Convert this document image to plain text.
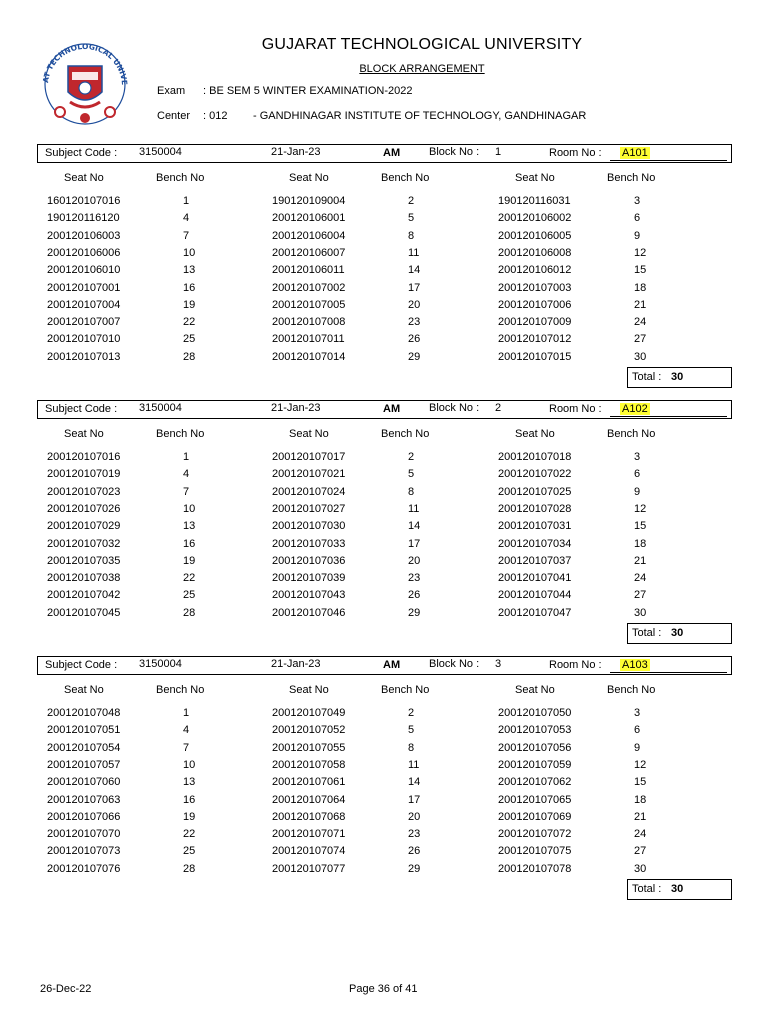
AT TECHNOLOGICAL UNIVE
GUJARAT TECHNOLOGICAL UNIVERSITY
BLOCK ARRANGEMENT
Exam : BE SEM 5 WINTER EXAMINATION-2022
Center : 012 - GANDHINAGAR INSTITUTE OF TECHNOLOGY, GANDHINAGAR
Subject Code : 3150004	21-Jan-23	AM	Block No : 1	Room No : A101
Seat No	Bench No	Seat No	Bench No	Seat No	Bench No
160120107016	1	190120109004	2	190120116031	3
190120116120	4	200120106001	5	200120106002	6
200120106003	7	200120106004	8	200120106005	9
200120106006	10	200120106007	11	200120106008	12
200120106010	13	200120106011	14	200120106012	15
200120107001	16	200120107002	17	200120107003	18
200120107004	19	200120107005	20	200120107006	21
200120107007	22	200120107008	23	200120107009	24
200120107010	25	200120107011	26	200120107012	27
200120107013	28	200120107014	29	200120107015	30
Total : 30
Subject Code : 3150004	21-Jan-23	AM	Block No : 2	Room No : A102
Seat No	Bench No	Seat No	Bench No	Seat No	Bench No
200120107016	1	200120107017	2	200120107018	3
200120107019	4	200120107021	5	200120107022	6
200120107023	7	200120107024	8	200120107025	9
200120107026	10	200120107027	11	200120107028	12
200120107029	13	200120107030	14	200120107031	15
200120107032	16	200120107033	17	200120107034	18
200120107035	19	200120107036	20	200120107037	21
200120107038	22	200120107039	23	200120107041	24
200120107042	25	200120107043	26	200120107044	27
200120107045	28	200120107046	29	200120107047	30
Total : 30
Subject Code : 3150004	21-Jan-23	AM	Block No : 3	Room No : A103
Seat No	Bench No	Seat No	Bench No	Seat No	Bench No
200120107048	1	200120107049	2	200120107050	3
200120107051	4	200120107052	5	200120107053	6
200120107054	7	200120107055	8	200120107056	9
200120107057	10	200120107058	11	200120107059	12
200120107060	13	200120107061	14	200120107062	15
200120107063	16	200120107064	17	200120107065	18
200120107066	19	200120107068	20	200120107069	21
200120107070	22	200120107071	23	200120107072	24
200120107073	25	200120107074	26	200120107075	27
200120107076	28	200120107077	29	200120107078	30
Total : 30
26-Dec-22	Page 36 of 41
